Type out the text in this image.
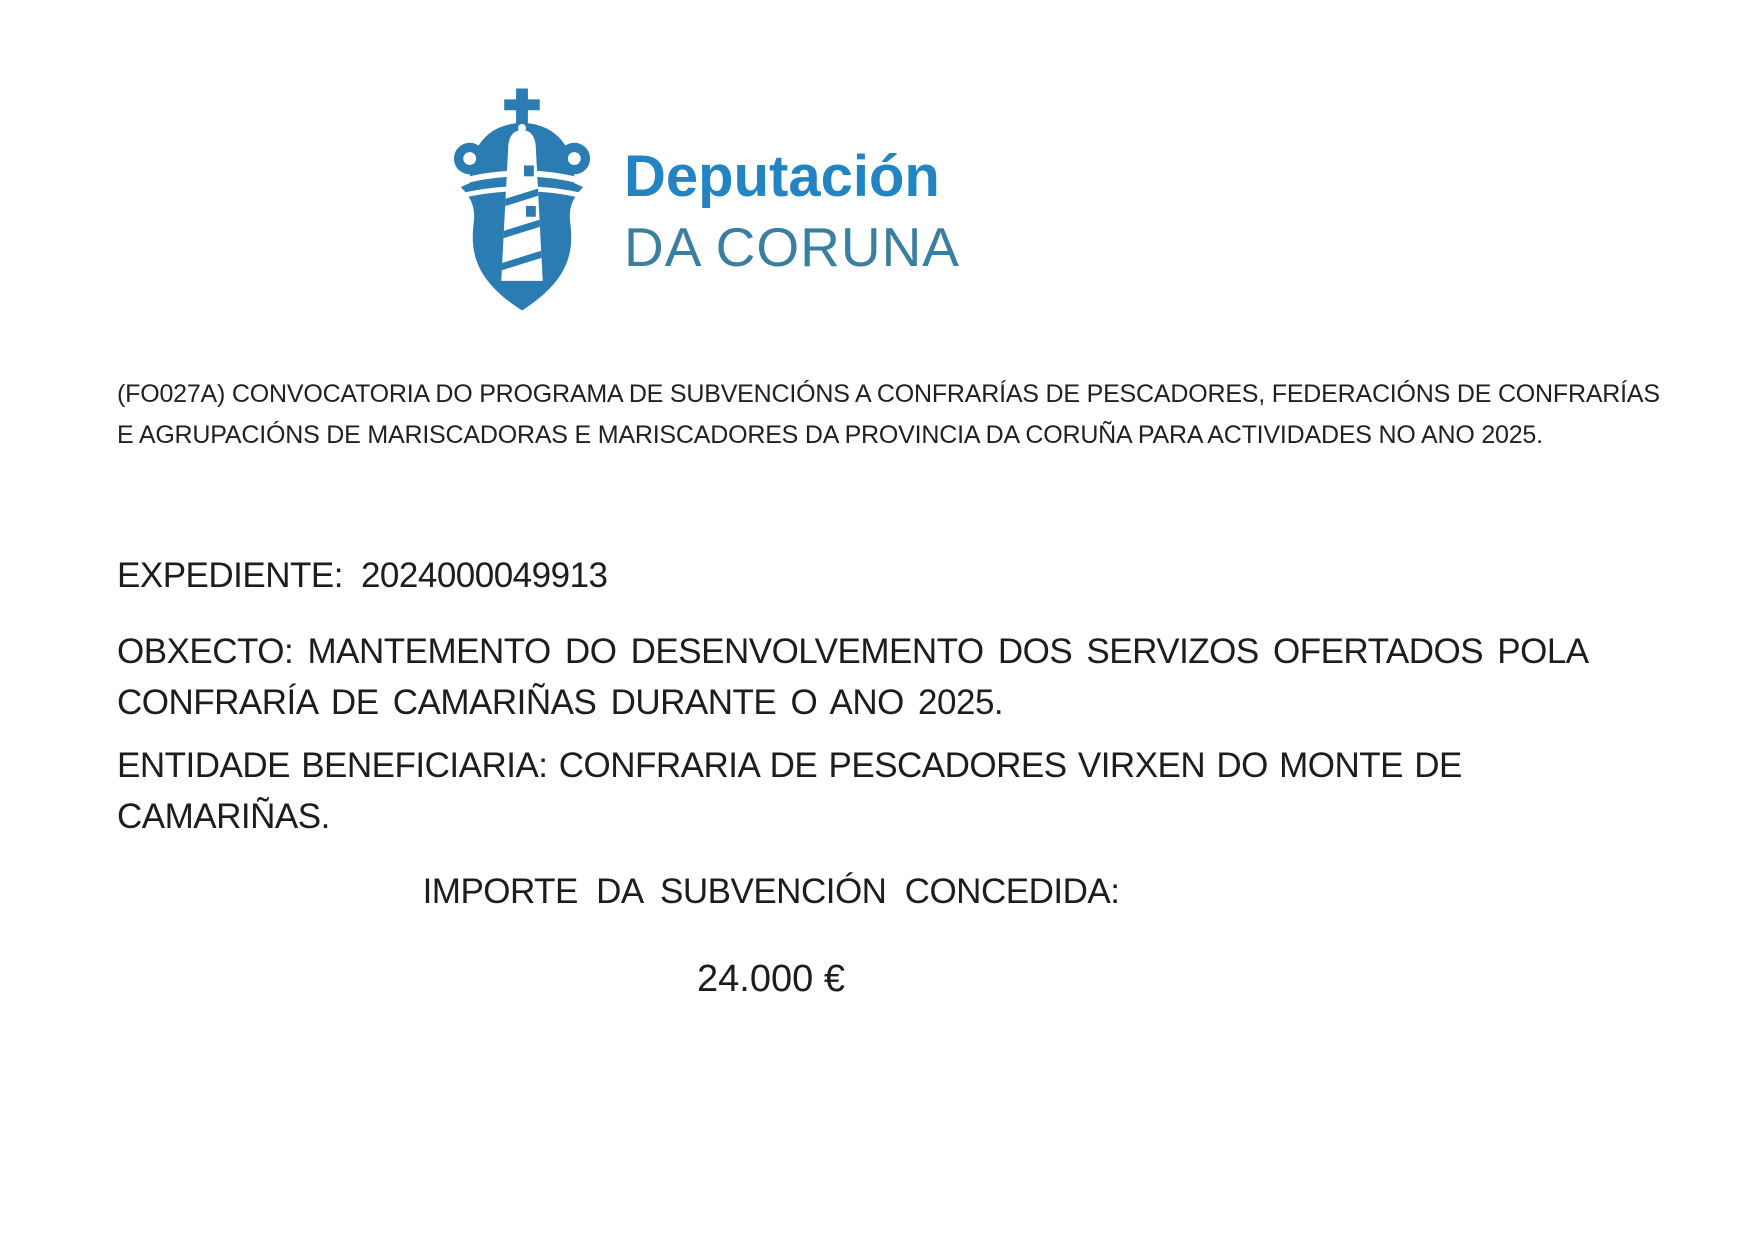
Deputación
DA CORUNA
(FO027A) CONVOCATORIA DO PROGRAMA DE SUBVENCIÓNS A CONFRARÍAS DE PESCADORES, FEDERACIÓNS DE CONFRARÍAS
E AGRUPACIÓNS DE MARISCADORAS E MARISCADORES DA PROVINCIA DA CORUÑA PARA ACTIVIDADES NO ANO 2025.
EXPEDIENTE: 2024000049913
OBXECTO: MANTEMENTO DO DESENVOLVEMENTO DOS SERVIZOS OFERTADOS POLA
CONFRARÍA DE CAMARIÑAS DURANTE O ANO 2025.
ENTIDADE BENEFICIARIA: CONFRARIA DE PESCADORES VIRXEN DO MONTE DE
CAMARIÑAS.
IMPORTE DA SUBVENCIÓN CONCEDIDA:
24.000 €
